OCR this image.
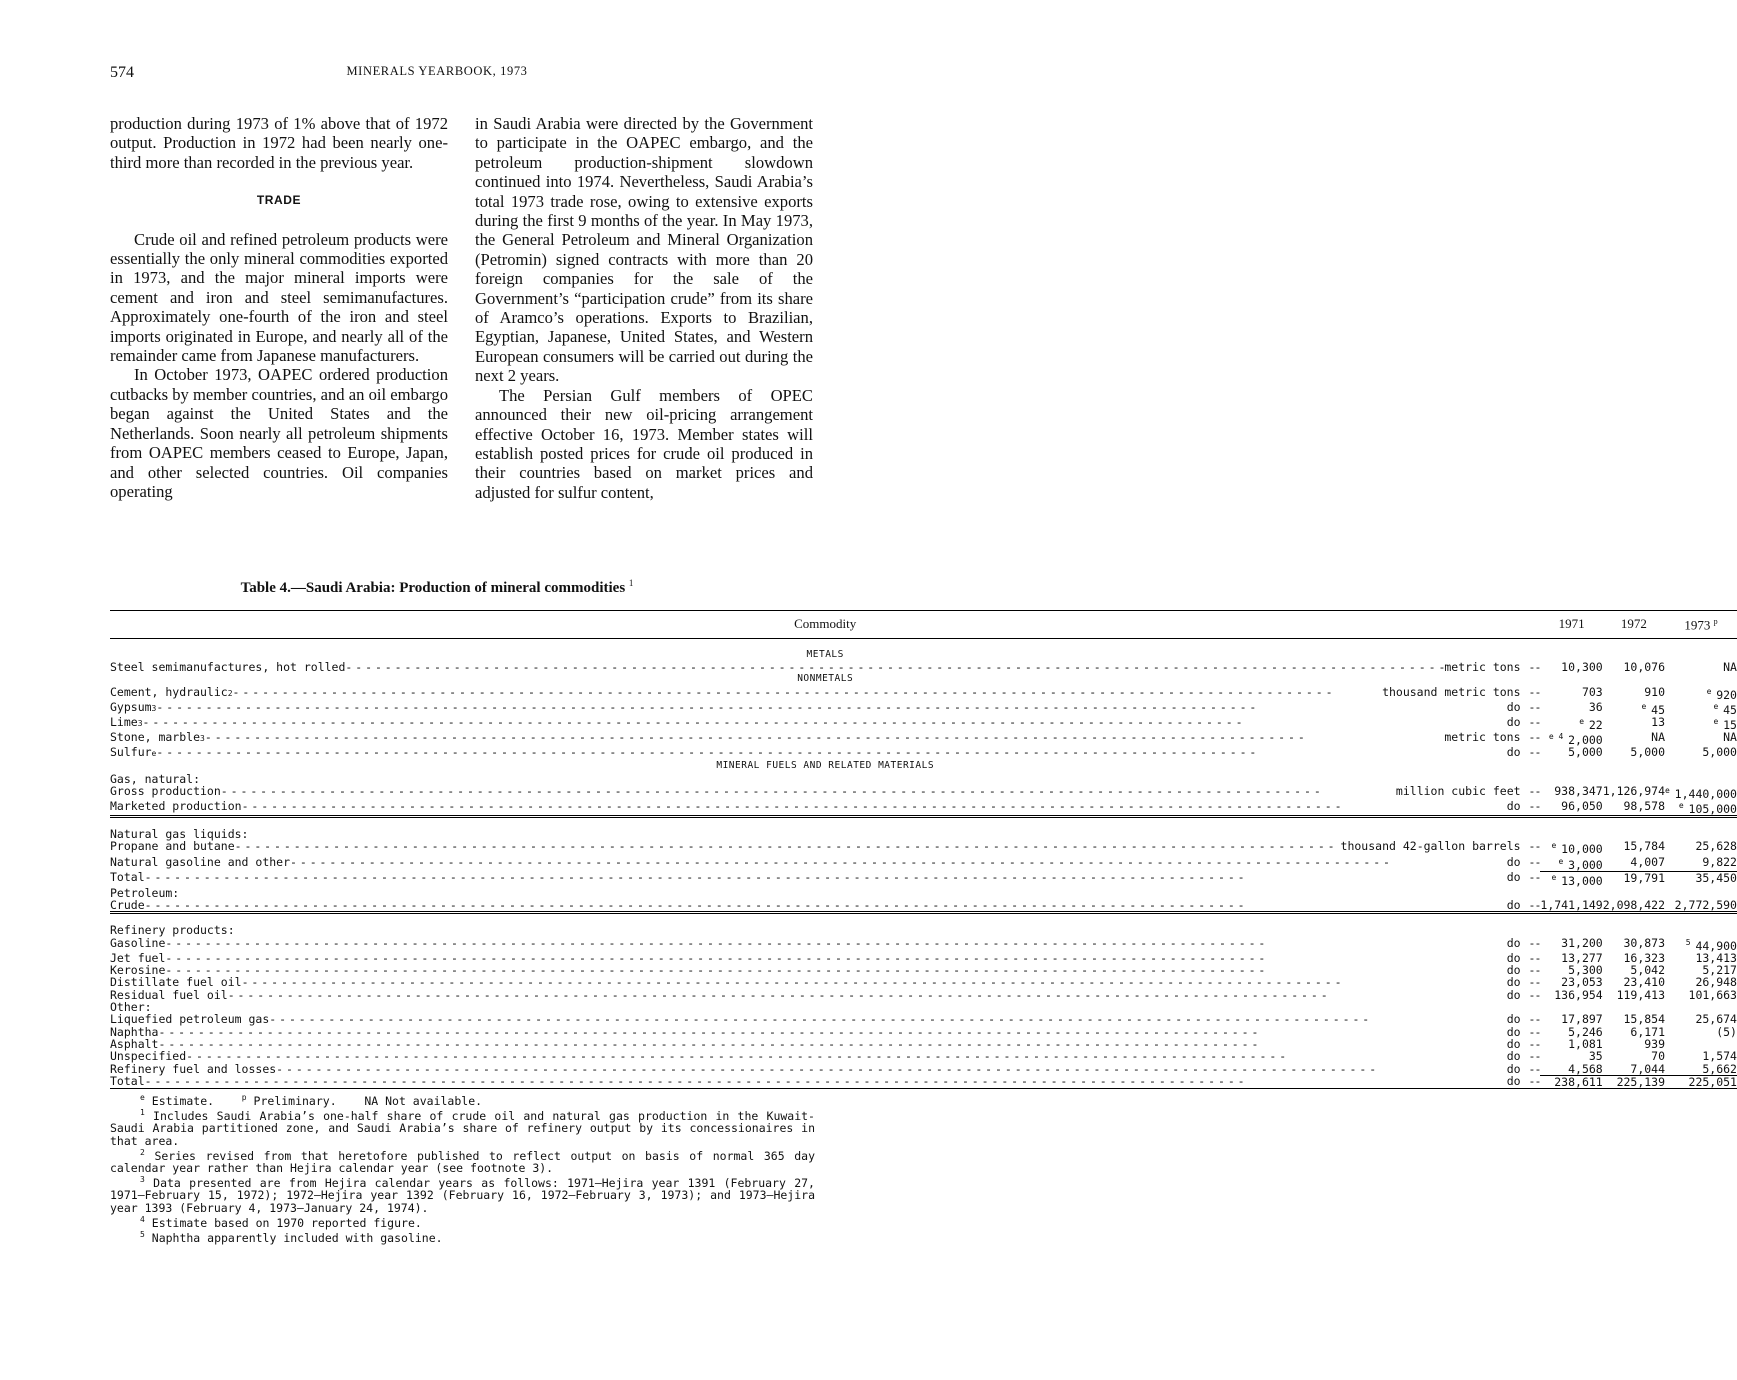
574	MINERALS YEARBOOK, 1973

production during 1973 of 1% above that of 1972 output. Production in 1972 had been nearly one-third more than recorded in the previous year.

TRADE

Crude oil and refined petroleum products were essentially the only mineral commodities exported in 1973, and the major mineral imports were cement and iron and steel semimanufactures. Approximately one-fourth of the iron and steel imports originated in Europe, and nearly all of the remainder came from Japanese manufacturers.

In October 1973, OAPEC ordered production cutbacks by member countries, and an oil embargo began against the United States and the Netherlands. Soon nearly all petroleum shipments from OAPEC members ceased to Europe, Japan, and other selected countries. Oil companies operating

in Saudi Arabia were directed by the Government to participate in the OAPEC embargo, and the petroleum production-shipment slowdown continued into 1974. Nevertheless, Saudi Arabia’s total 1973 trade rose, owing to extensive exports during the first 9 months of the year. In May 1973, the General Petroleum and Mineral Organization (Petromin) signed contracts with more than 20 foreign companies for the sale of the Government’s “participation crude” from its share of Aramco’s operations. Exports to Brazilian, Egyptian, Japanese, United States, and Western European consumers will be carried out during the next 2 years.

The Persian Gulf members of OPEC announced their new oil-pricing arrangement effective October 16, 1973. Member states will establish posted prices for crude oil produced in their countries based on market prices and adjusted for sulfur content,

Table 4.—Saudi Arabia: Production of mineral commodities $^1$
Commodity	1971	1972	1973 $^p$

METALS			

Steel semimanufactures, hot rolled - - - metric tons --	10,300	10,076	NA
NONMETALS			

Cement, hydraulic 2 - - - thousand metric tons --	703	910	$^e$ 920

Gypsum 3 - - - do --	36	$^e$ 45	$^e$ 45

Lime 3 - - - do --	$^e$ 22	13	$^e$ 15

Stone, marble 3 - - - metric tons --	$^{e 4}$ 2,000	NA	NA

Sulfur e - - - do --	5,000	5,000	5,000
MINERAL FUELS AND RELATED MATERIALS			

Gas, natural:			

Gross production - - - million cubic feet --	938,347	1,126,974	$^e$ 1,440,000

Marketed production - - - do --	96,050	98,578	$^e$ 105,000

Natural gas liquids:			

Propane and butane - - - thousand 42-gallon barrels --	$^e$ 10,000	15,784	25,628

Natural gasoline and other - - - do --	$^e$ 3,000	4,007	9,822

Total - - - do --	$^e$ 13,000	19,791	35,450

Petroleum:			

Crude - - - do --	1,741,149	2,098,422	2,772,590

Refinery products:			

Gasoline - - - do --	31,200	30,873	$^5$ 44,900

Jet fuel - - - do --	13,277	16,323	13,413

Kerosine - - - do --	5,300	5,042	5,217

Distillate fuel oil - - - do --	23,053	23,410	26,948

Residual fuel oil - - - do --	136,954	119,413	101,663

Other:			

Liquefied petroleum gas - - - do --	17,897	15,854	25,674

Naphtha - - - do --	5,246	6,171	(5)

Asphalt - - - do --	1,081	939	

Unspecified - - - do --	35	70	1,574

Refinery fuel and losses - - - do --	4,568	7,044	5,662

Total - - - do --	238,611	225,139	225,051

$^e$ Estimate.	$^p$ Preliminary. NA Not available.

$^1$ Includes Saudi Arabia’s one-half share of crude oil and natural gas production in the Kuwait-Saudi Arabia partitioned zone, and Saudi Arabia’s share of refinery output by its concessionaires in that area.

$^2$ Series revised from that heretofore published to reflect output on basis of normal 365 day calendar year rather than Hejira calendar year (see footnote 3).

$^3$ Data presented are from Hejira calendar years as follows: 1971—Hejira year 1391 (February 27, 1971–February 15, 1972); 1972—Hejira year 1392 (February 16, 1972–February 3, 1973); and 1973—Hejira year 1393 (February 4, 1973–January 24, 1974).

$^4$ Estimate based on 1970 reported figure.

$^5$ Naphtha apparently included with gasoline.
